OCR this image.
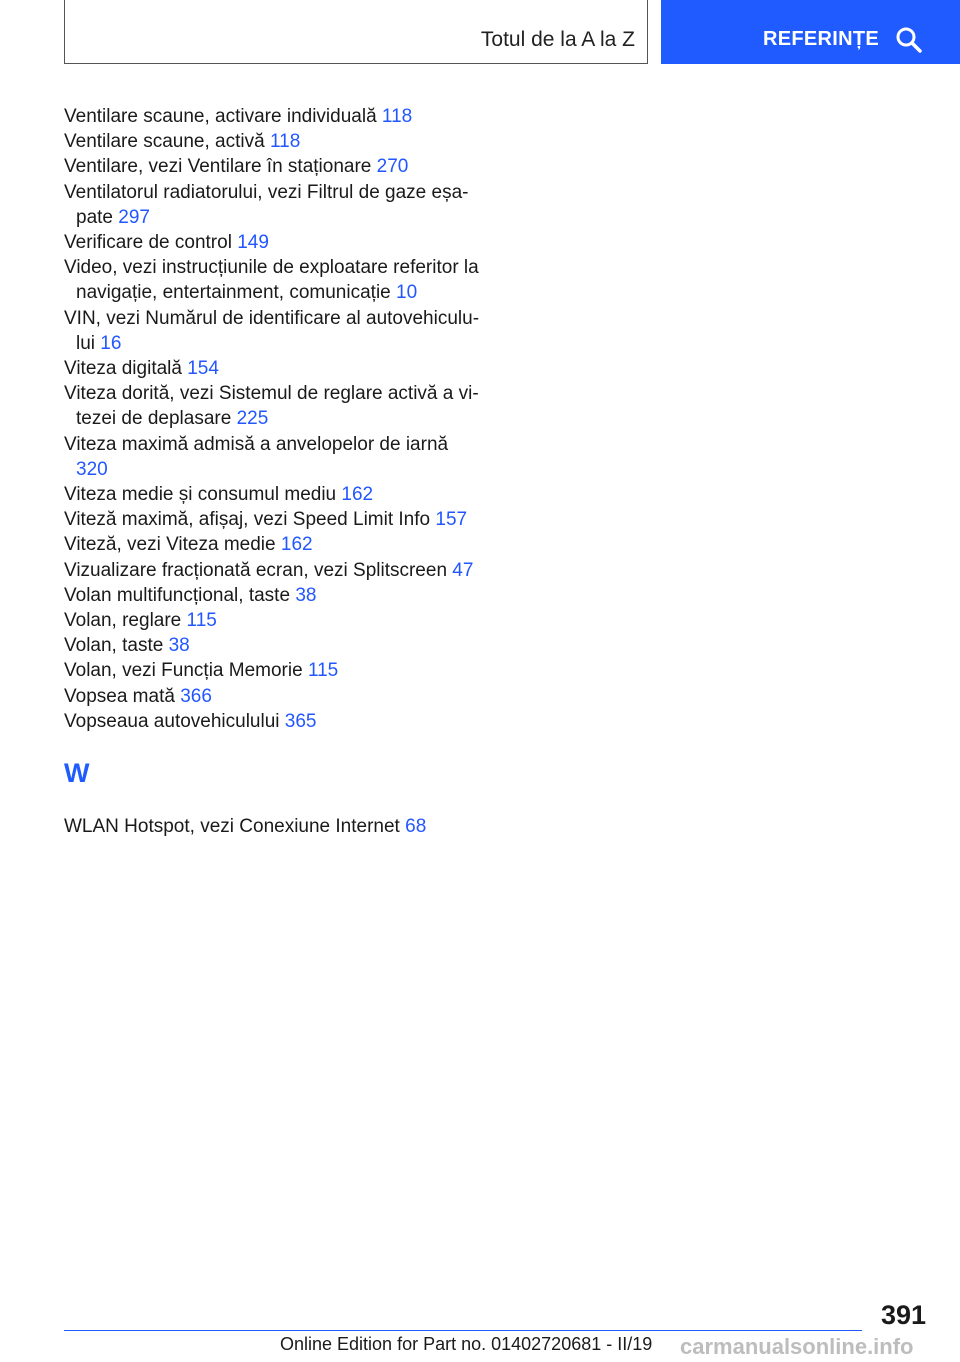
Totul de la A la Z	REFERINȚE
Ventilare scaune, activare individuală 118
Ventilare scaune, activă 118
Ventilare, vezi Ventilare în staționare 270
Ventilatorul radiatorului, vezi Filtrul de gaze eșapate 297
Verificare de control 149
Video, vezi instrucțiunile de exploatare referitor la navigație, entertainment, comunicație 10
VIN, vezi Numărul de identificare al autovehiculului 16
Viteza digitală 154
Viteza dorită, vezi Sistemul de reglare activă a vitezei de deplasare 225
Viteza maximă admisă a anvelopelor de iarnă 320
Viteza medie și consumul mediu 162
Viteză maximă, afișaj, vezi Speed Limit Info 157
Viteză, vezi Viteza medie 162
Vizualizare fracționată ecran, vezi Splitscreen 47
Volan multifuncțional, taste 38
Volan, reglare 115
Volan, taste 38
Volan, vezi Funcția Memorie 115
Vopsea mată 366
Vopseaua autovehiculului 365
W
WLAN Hotspot, vezi Conexiune Internet 68
391
Online Edition for Part no. 01402720681 - II/19 carmanualsonline.info
